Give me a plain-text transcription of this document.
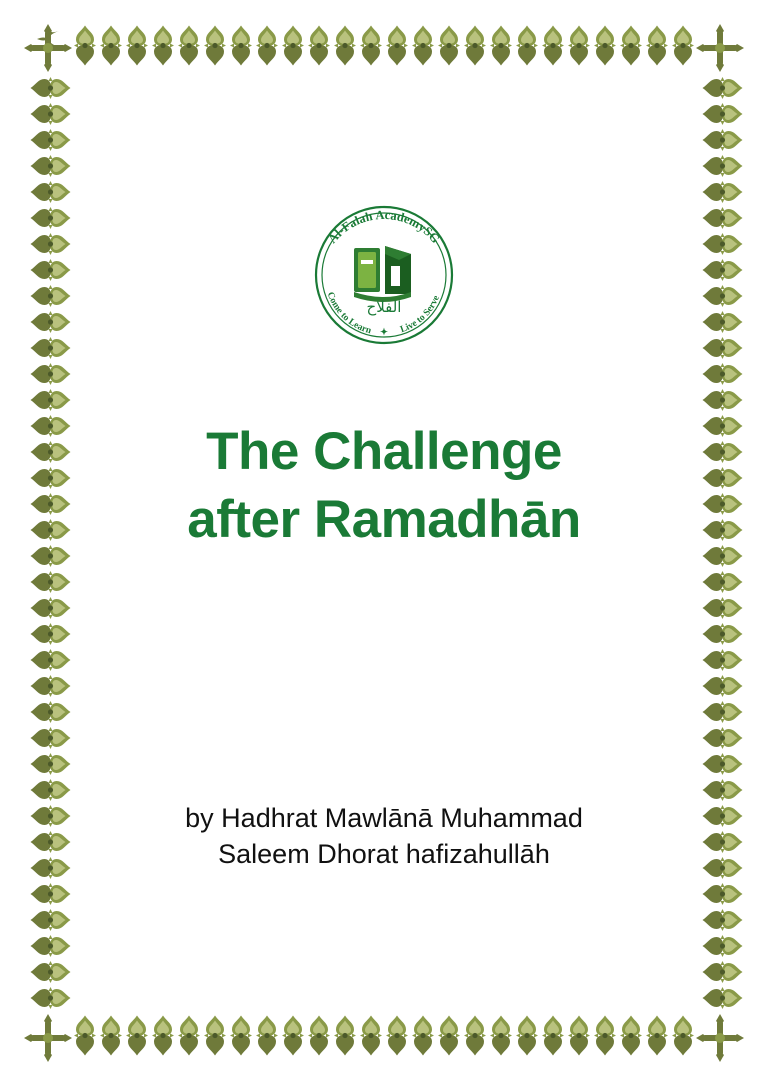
الفلاح
Al-Falah AcademySG
Come to Learn ✦ Live to Serve
The Challenge
after Ramadhān
by Hadhrat Mawlānā Muhammad
Saleem Dhorat hafizahullāh
